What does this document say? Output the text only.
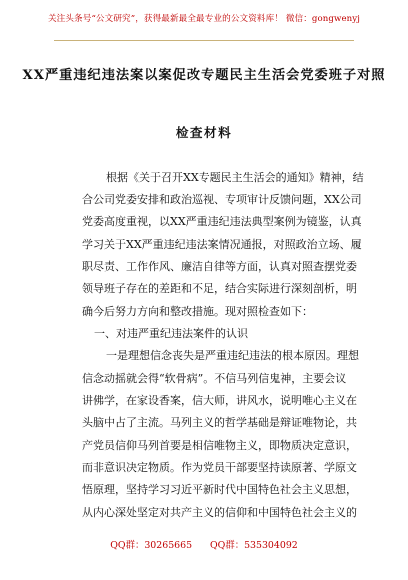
关注头条号“公文研究”，获得最新最全最专业的公文资料库！ 微信：gongwenyj
XX严重违纪违法案以案促改专题民主生活会党委班子对照
检查材料
根据《关于召开XX专题民主生活会的通知》精神，结
合公司党委安排和政治巡视、专项审计反馈问题，XX公司
党委高度重视，以XX严重违纪违法典型案例为镜鉴，认真
学习关于XX严重违纪违法案情况通报，对照政治立场、履
职尽责、工作作风、廉洁自律等方面，认真对照查摆党委
领导班子存在的差距和不足，结合实际进行深刻剖析，明
确今后努力方向和整改措施。现对照检查如下：
一、对违严重纪违法案件的认识
一是理想信念丧失是严重违纪违法的根本原因。理想
信念动摇就会得“软骨病”。不信马列信鬼神，主要会议
讲佛学，在家设香案，信大师，讲风水，说明唯心主义在
头脑中占了主流。马列主义的哲学基础是辩证唯物论，共
产党员信仰马列首要是相信唯物主义，即物质决定意识，
而非意识决定物质。作为党员干部要坚持读原著、学原文
悟原理，坚持学习习近平新时代中国特色社会主义思想，
从内心深处坚定对共产主义的信仰和中国特色社会主义的
QQ群：30265665 QQ群：535304092
